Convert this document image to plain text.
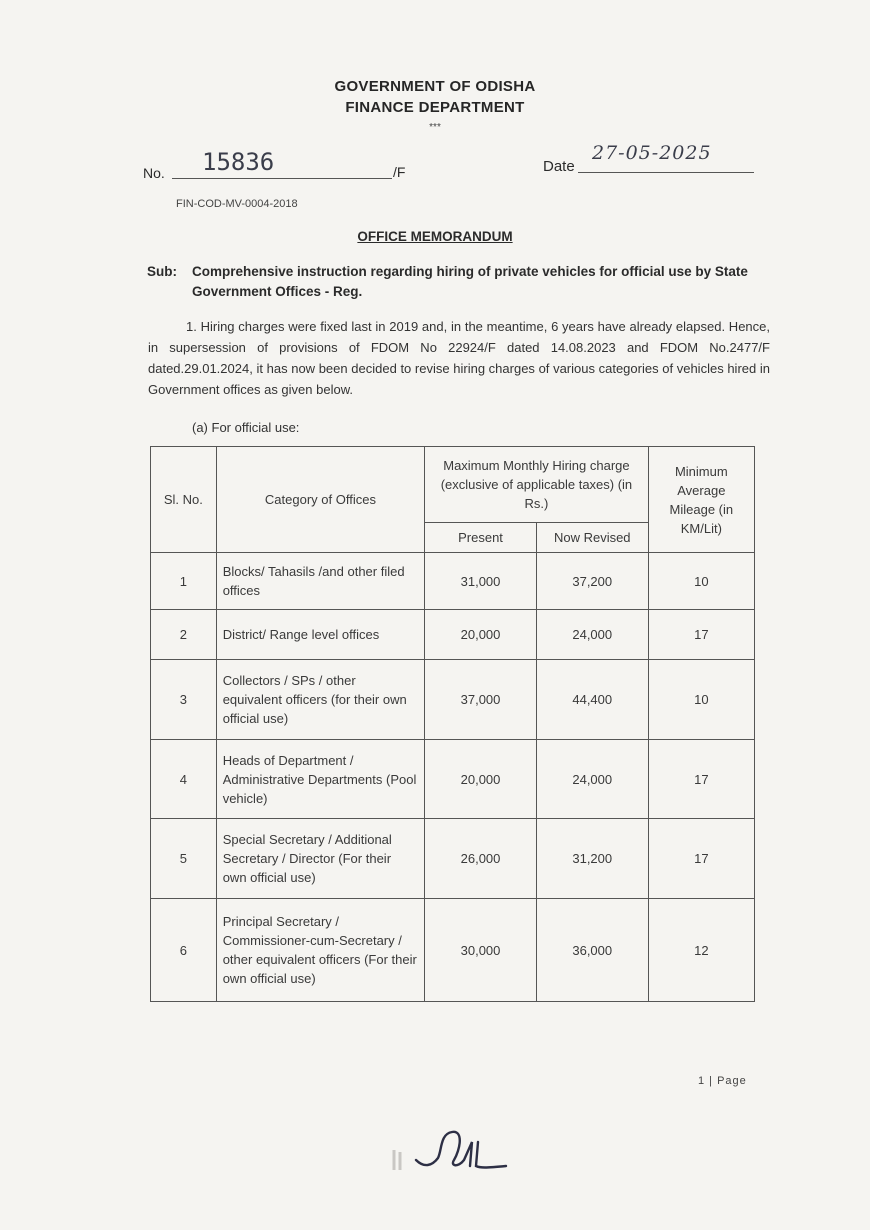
GOVERNMENT OF ODISHA
FINANCE DEPARTMENT
***
No. 15836	/F	Date
27-05-2025
FIN-COD-MV-0004-2018
OFFICE MEMORANDUM
Sub: Comprehensive instruction regarding hiring of private vehicles for official use by State Government Offices - Reg.
1. Hiring charges were fixed last in 2019 and, in the meantime, 6 years have already elapsed. Hence, in supersession of provisions of FDOM No 22924/F dated 14.08.2023 and FDOM No.2477/F dated.29.01.2024, it has now been decided to revise hiring charges of various categories of vehicles hired in Government offices as given below.
(a) For official use:
Sl. No.	Category of Offices	Maximum Monthly Hiring charge (exclusive of applicable taxes) (in Rs.)		Minimum Average Mileage (in KM/Lit)
		Present	Now Revised	
1	Blocks/ Tahasils /and other filed offices	31,000	37,200	10
2	District/ Range level offices	20,000	24,000	17
3	Collectors / SPs / other equivalent officers (for their own official use)	37,000	44,400	10
4	Heads of Department / Administrative Departments (Pool vehicle)	20,000	24,000	17
5	Special Secretary / Additional Secretary / Director (For their own official use)	26,000	31,200	17
6	Principal Secretary / Commissioner-cum-Secretary / other equivalent officers (For their own official use)	30,000	36,000	12
1 | Page
